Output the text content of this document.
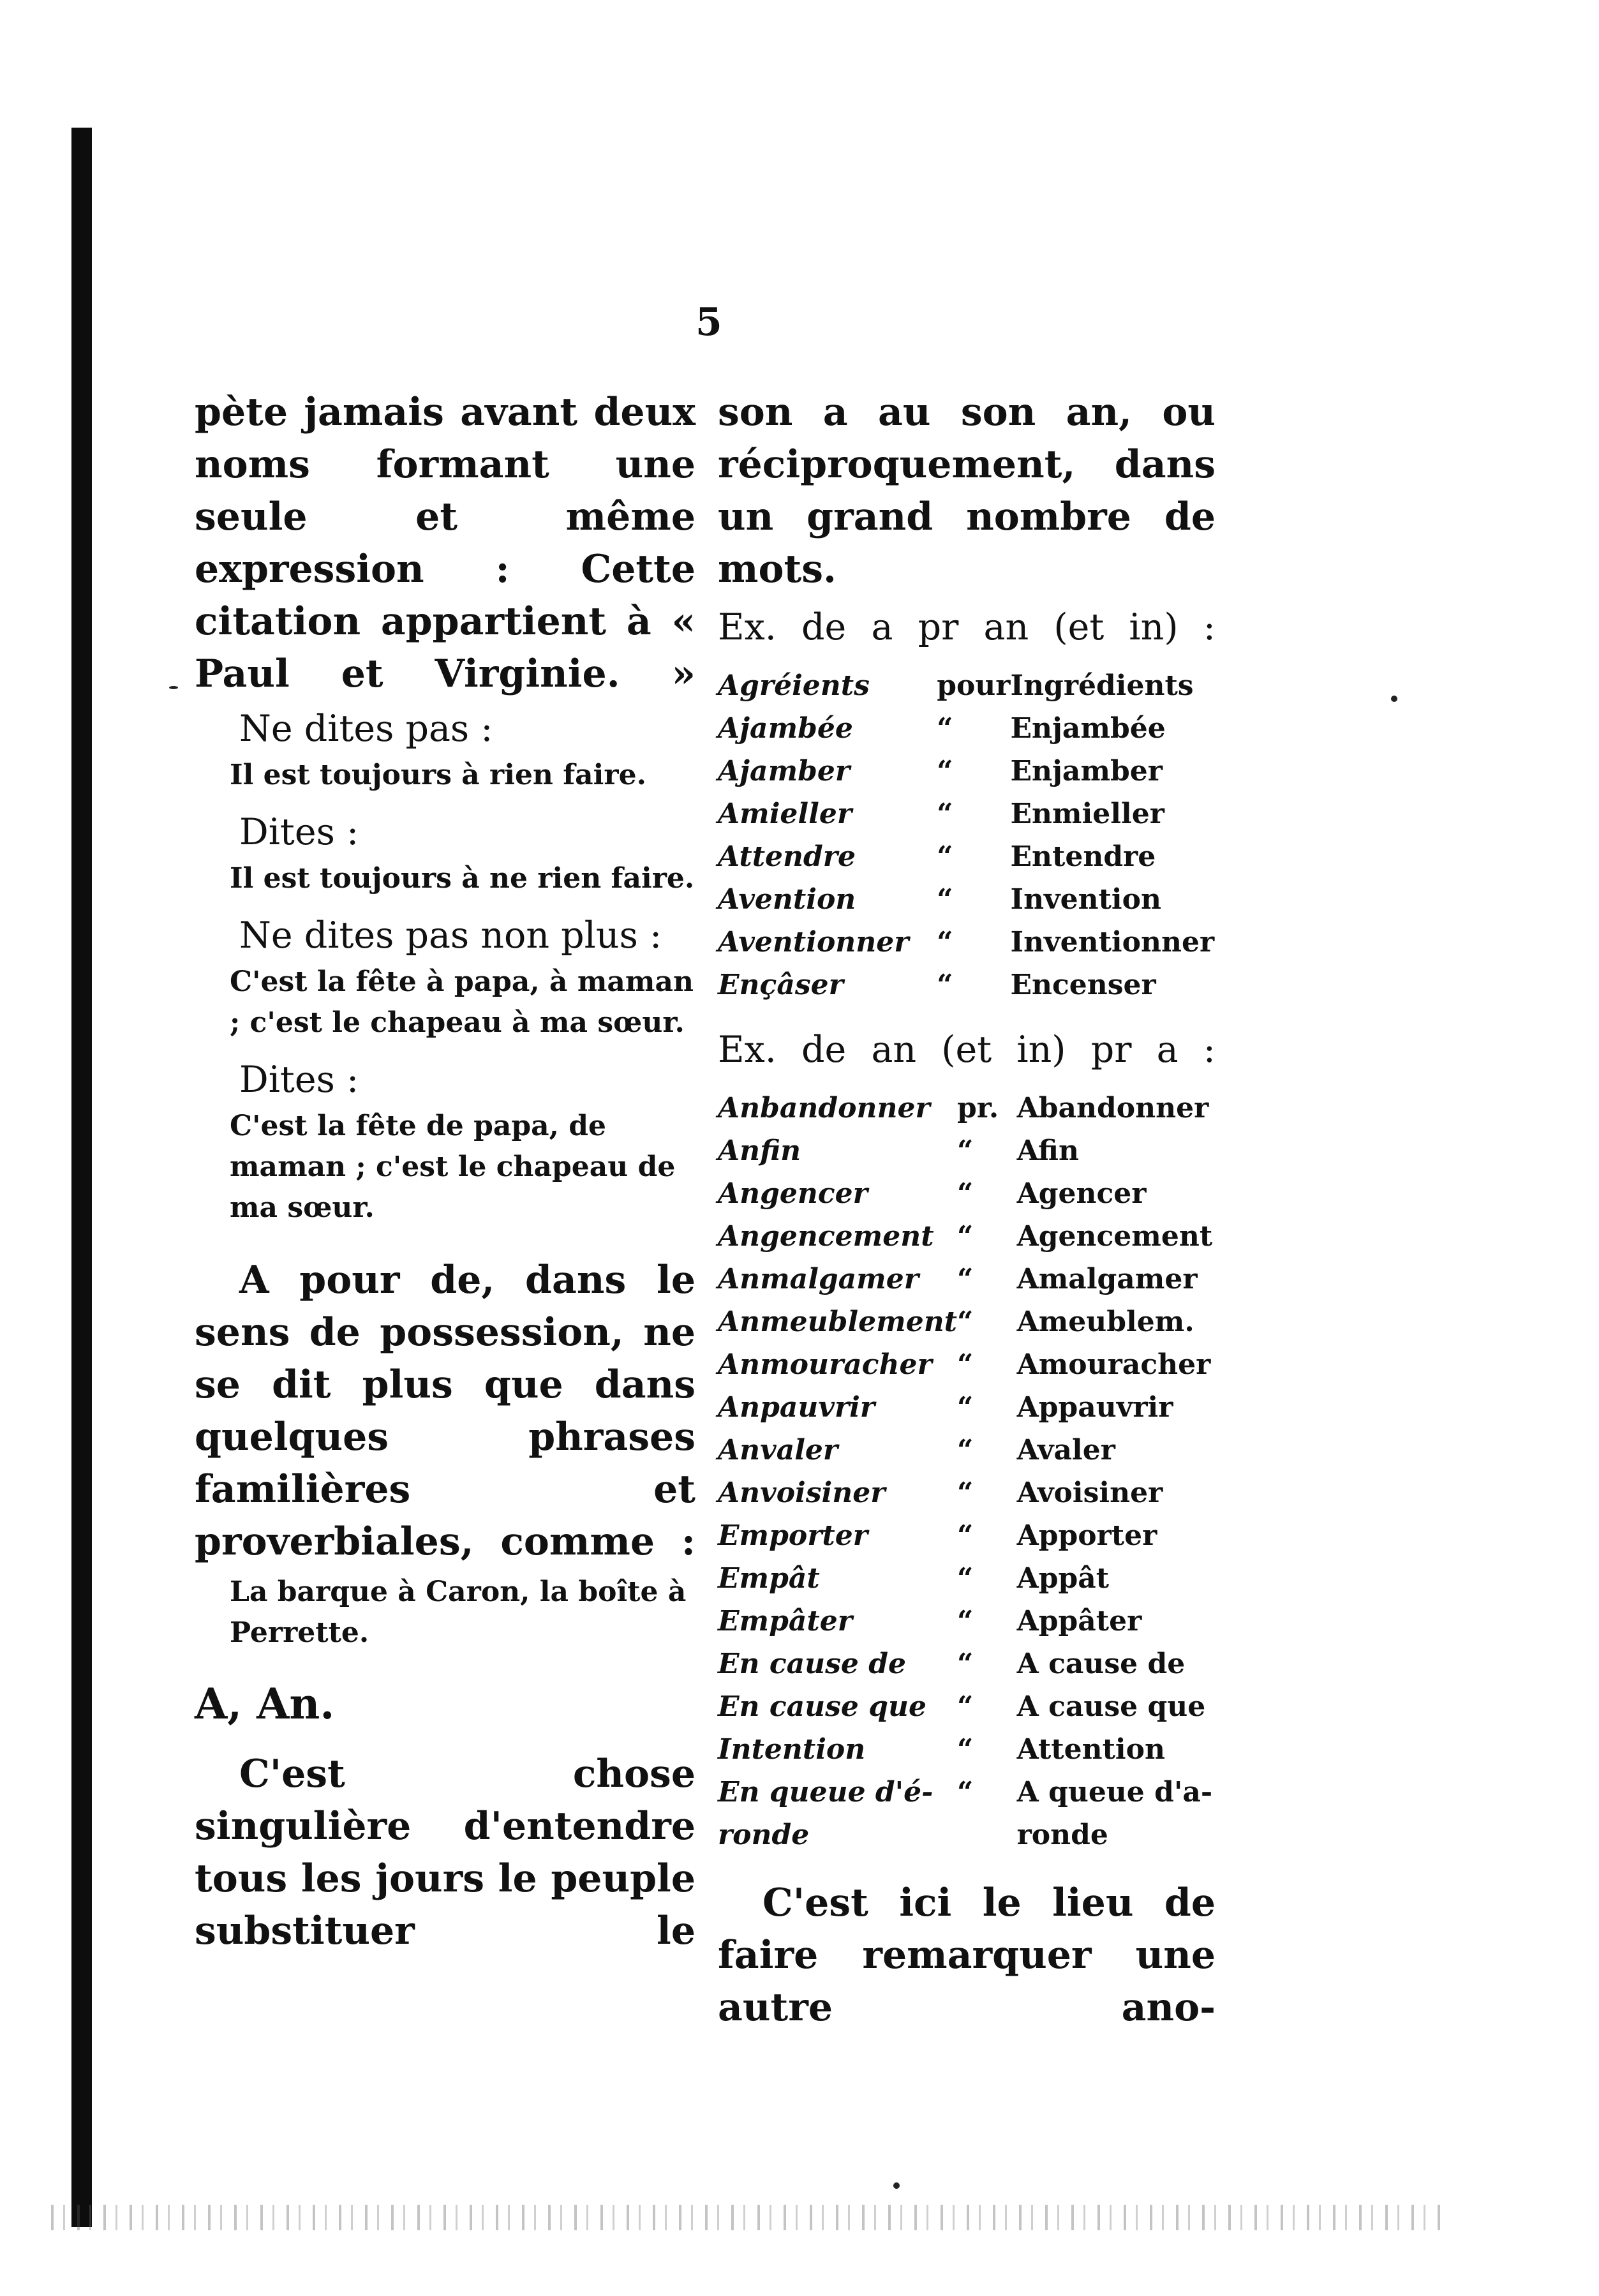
5
pète jamais avant deux noms formant une seule et même expression : Cette citation appartient à « Paul et Virginie. »
Ne dites pas :
Il est toujours à rien faire.
Dites :
Il est toujours à ne rien faire.
Ne dites pas non plus :
C'est la fête à papa, à maman ; c'est le chapeau à ma sœur.
Dites :
C'est la fête de papa, de maman ; c'est le chapeau de ma sœur.
A pour de, dans le sens de possession, ne se dit plus que dans quelques phrases familières et proverbiales, comme :
La barque à Caron, la boîte à Perrette.
A, An.
C'est chose singulière d'entendre tous les jours le peuple substituer le
son a au son an, ou réciproquement, dans un grand nombre de mots.
Ex. de a pr an (et in) :
Agréients	pour	Ingrédients
Ajambée	“	Enjambée
Ajamber	“	Enjamber
Amieller	“	Enmieller
Attendre	“	Entendre
Avention	“	Invention
Aventionner	“	Inventionner
Ençâser	“	Encenser
Ex. de an (et in) pr a :
Anbandonner	pr.	Abandonner
Anfin	“	Afin
Angencer	“	Agencer
Angencement	“	Agencement
Anmalgamer	“	Amalgamer
Anmeublement	“	Ameublem.
Anmouracher	“	Amouracher
Anpauvrir	“	Appauvrir
Anvaler	“	Avaler
Anvoisiner	“	Avoisiner
Emporter	“	Apporter
Empât	“	Appât
Empâter	“	Appâter
En cause de	“	A cause de
En cause que	“	A cause que
Intention	“	Attention
En queue d'é-	“	A queue d'a-
ronde		ronde
C'est ici le lieu de faire remarquer une autre ano-
